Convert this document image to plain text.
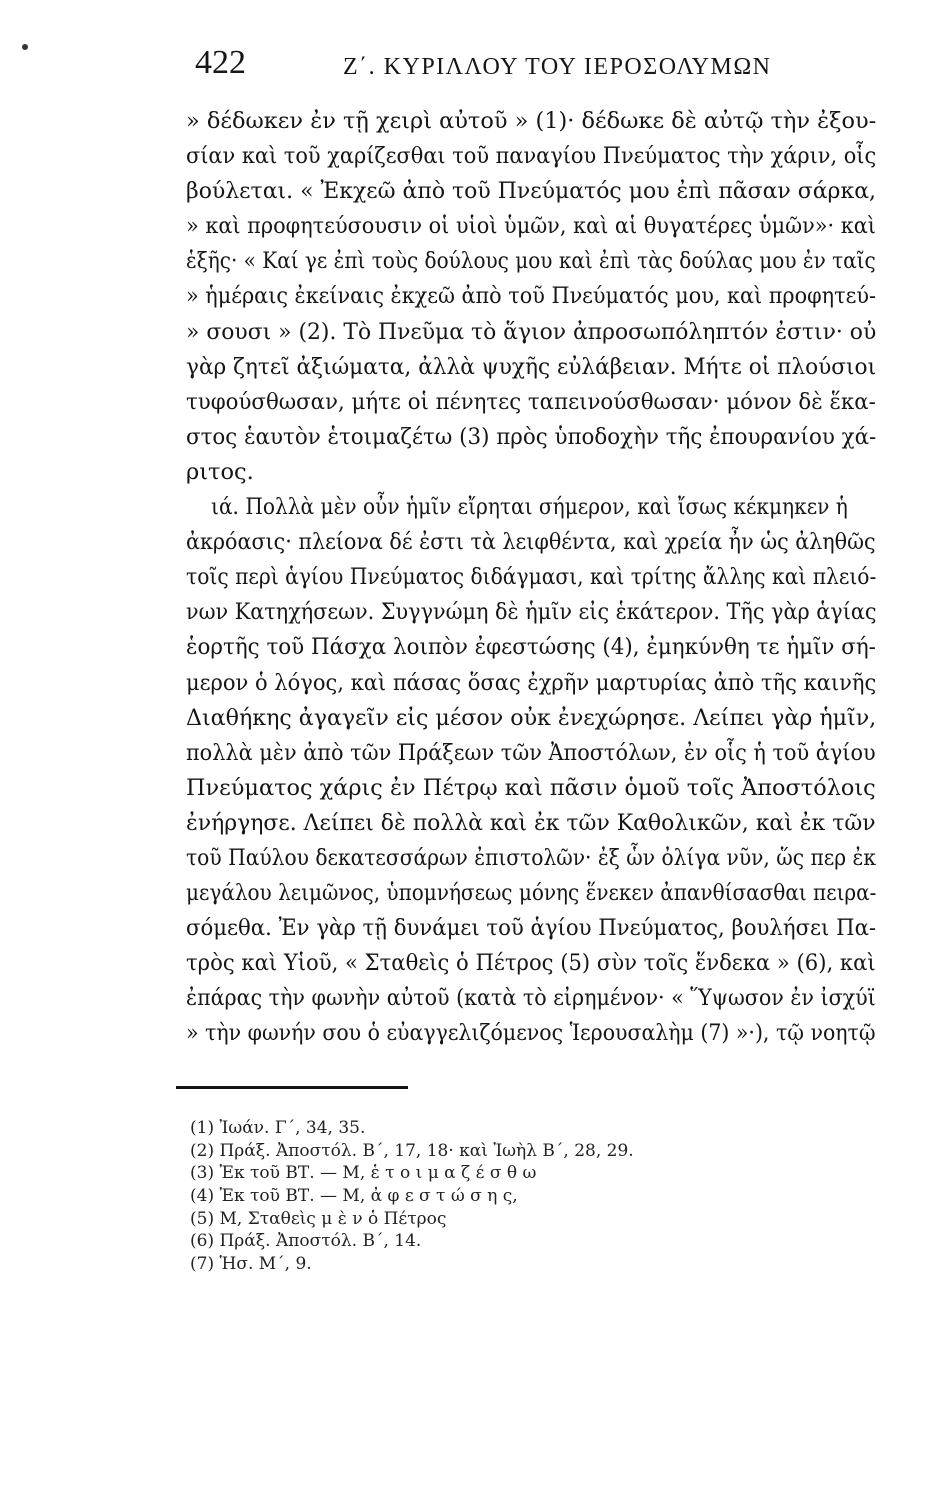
422	Ζ΄. ΚΥΡΙΛΛΟΥ ΤΟΥ ΙΕΡΟΣΟΛΥΜΩΝ
» δέδωκεν ἐν τῇ χειρὶ αὐτοῦ » (1)· δέδωκε δὲ αὐτῷ τὴν ἐξου-
σίαν καὶ τοῦ χαρίζεσθαι τοῦ παναγίου Πνεύματος τὴν χάριν, οἷς
βούλεται. « Ἐκχεῶ ἀπὸ τοῦ Πνεύματός μου ἐπὶ πᾶσαν σάρκα,
» καὶ προφητεύσουσιν οἱ υἱοὶ ὑμῶν, καὶ αἱ θυγατέρες ὑμῶν»· καὶ
ἑξῆς· « Καί γε ἐπὶ τοὺς δούλους μου καὶ ἐπὶ τὰς δούλας μου ἐν ταῖς
» ἡμέραις ἐκείναις ἐκχεῶ ἀπὸ τοῦ Πνεύματός μου, καὶ προφητεύ-
» σουσι » (2). Τὸ Πνεῦμα τὸ ἅγιον ἀπροσωπόληπτόν ἐστιν· οὐ
γὰρ ζητεῖ ἀξιώματα, ἀλλὰ ψυχῆς εὐλάβειαν. Μήτε οἱ πλούσιοι
τυφούσθωσαν, μήτε οἱ πένητες ταπεινούσθωσαν· μόνον δὲ ἕκα-
στος ἑαυτὸν ἑτοιμαζέτω (3) πρὸς ὑποδοχὴν τῆς ἐπουρανίου χά-
ριτος.
ιά. Πολλὰ μὲν οὖν ἡμῖν εἴρηται σήμερον, καὶ ἴσως κέκμηκεν ἡ
ἀκρόασις· πλείονα δέ ἐστι τὰ λειφθέντα, καὶ χρεία ἦν ὡς ἀληθῶς
τοῖς περὶ ἁγίου Πνεύματος διδάγμασι, καὶ τρίτης ἄλλης καὶ πλειό-
νων Κατηχήσεων. Συγγνώμη δὲ ἡμῖν εἰς ἑκάτερον. Τῆς γὰρ ἁγίας
ἑορτῆς τοῦ Πάσχα λοιπὸν ἐφεστώσης (4), ἐμηκύνθη τε ἡμῖν σή-
μερον ὁ λόγος, καὶ πάσας ὅσας ἐχρῆν μαρτυρίας ἀπὸ τῆς καινῆς
Διαθήκης ἀγαγεῖν εἰς μέσον οὐκ ἐνεχώρησε. Λείπει γὰρ ἡμῖν,
πολλὰ μὲν ἀπὸ τῶν Πράξεων τῶν Ἀποστόλων, ἐν οἷς ἡ τοῦ ἁγίου
Πνεύματος χάρις ἐν Πέτρῳ καὶ πᾶσιν ὁμοῦ τοῖς Ἀποστόλοις
ἐνήργησε. Λείπει δὲ πολλὰ καὶ ἐκ τῶν Καθολικῶν, καὶ ἐκ τῶν
τοῦ Παύλου δεκατεσσάρων ἐπιστολῶν· ἐξ ὧν ὀλίγα νῦν, ὥς περ ἐκ
μεγάλου λειμῶνος, ὑπομνήσεως μόνης ἕνεκεν ἀπανθίσασθαι πειρα-
σόμεθα. Ἐν γὰρ τῇ δυνάμει τοῦ ἁγίου Πνεύματος, βουλήσει Πα-
τρὸς καὶ Υἱοῦ, « Σταθεὶς ὁ Πέτρος (5) σὺν τοῖς ἕνδεκα » (6), καὶ
ἐπάρας τὴν φωνὴν αὐτοῦ (κατὰ τὸ εἰρημένον· « Ὕψωσον ἐν ἰσχύϊ
» τὴν φωνήν σου ὁ εὐαγγελιζόμενος Ἱερουσαλὴμ (7) »·), τῷ νοητῷ
(1) Ἰωάν. Γ΄, 34, 35.
(2) Πράξ. Ἀποστόλ. Β΄, 17, 18· καὶ Ἰωὴλ Β΄, 28, 29.
(3) Ἐκ τοῦ ΒΤ. — Μ, ἑ τ ο ι μ α ζ έ σ θ ω
(4) Ἐκ τοῦ ΒΤ. — Μ, ἀ φ ε σ τ ώ σ η ς,
(5) Μ, Σταθεὶς μ ὲ ν ὁ Πέτρος
(6) Πράξ. Ἀποστόλ. Β΄, 14.
(7) Ἡσ. Μ΄, 9.
